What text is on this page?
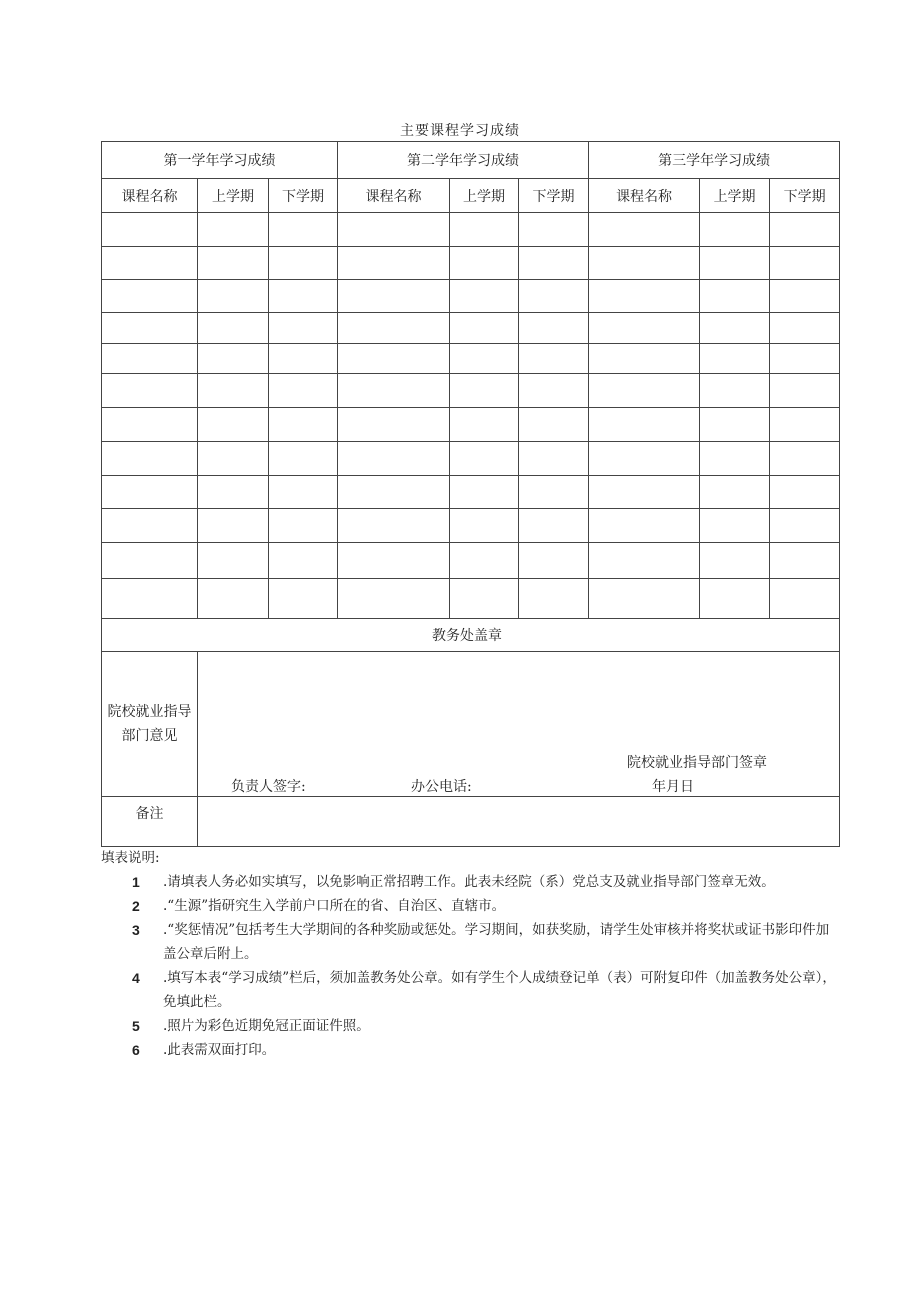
主要课程学习成绩
第一学年学习成绩			第二学年学习成绩			第三学年学习成绩		
课程名称	上学期	下学期	课程名称	上学期	下学期	课程名称	上学期	下学期

教务处盖章								

院校就业指导
部门意见

负责人签字:	办公电话:
院校就业指导部门签章
年月日

备注								
填表说明:
1 .请填表人务必如实填写，以免影响正常招聘工作。此表未经院（系）党总支及就业指导部门签章无效。
2 .“生源”指研究生入学前户口所在的省、自治区、直辖市。
3 .“奖惩情况”包括考生大学期间的各种奖励或惩处。学习期间，如获奖励，请学生处审核并将奖状或证书影印件加盖公章后附上。
4 .填写本表“学习成绩”栏后，须加盖教务处公章。如有学生个人成绩登记单（表）可附复印件（加盖教务处公章），免填此栏。
5 .照片为彩色近期免冠正面证件照。
6 .此表需双面打印。
